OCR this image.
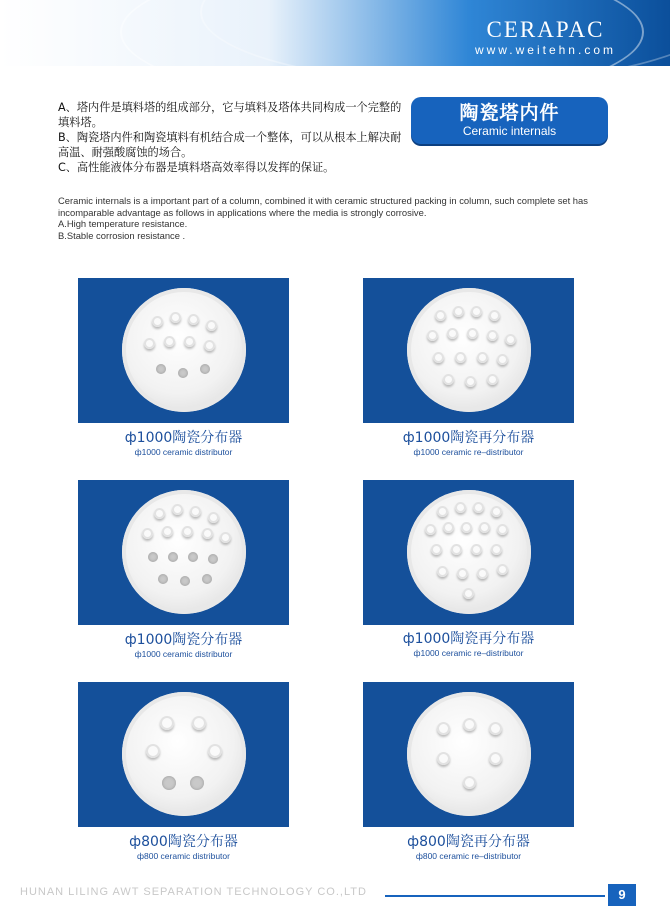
CERAPAC
www.weitehn.com

A、塔内件是填料塔的组成部分，它与填料及塔体共同构成一个完整的填料塔。

B、陶瓷塔内件和陶瓷填料有机结合成一个整体，可以从根本上解决耐高温、耐强酸腐蚀的场合。

C、高性能液体分布器是填料塔高效率得以发挥的保证。

陶瓷塔内件
Ceramic internals

Ceramic internals is a important part of a column, combined it with ceramic structured packing in column, such complete set has incomparable advantage as follows in applications where the media is strongly corrosive.

A.High temperature resistance.

B.Stable corrosion resistance .

ф1000陶瓷分布器
ф1000 ceramic distributor
ф1000陶瓷再分布器
ф1000 ceramic re–distributor
ф1000陶瓷分布器
ф1000 ceramic distributor
ф1000陶瓷再分布器
ф1000 ceramic re–distributor
ф800陶瓷分布器
ф800 ceramic distributor
ф800陶瓷再分布器
ф800 ceramic re–distributor
HUNAN LILING AWT SEPARATION TECHNOLOGY CO.,LTD	9
